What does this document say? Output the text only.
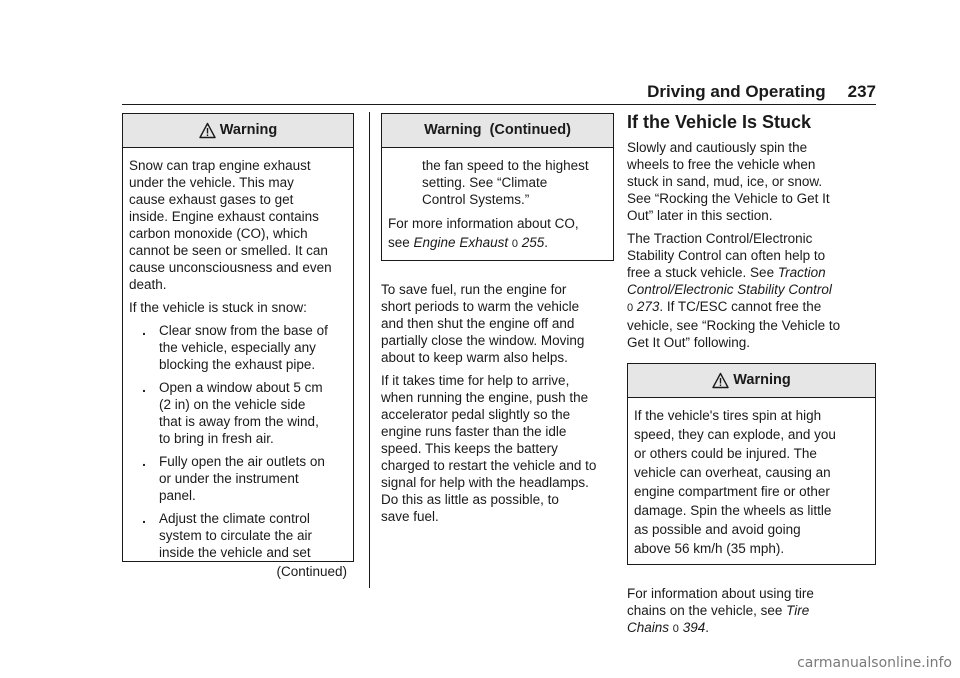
Driving and Operating 237
Warning

Snow can trap engine exhaust
under the vehicle. This may
cause exhaust gases to get
inside. Engine exhaust contains
carbon monoxide (CO), which
cannot be seen or smelled. It can
cause unconsciousness and even
death.

If the vehicle is stuck in snow:

. Clear snow from the base of
the vehicle, especially any
blocking the exhaust pipe.
. Open a window about 5 cm
(2 in) on the vehicle side
that is away from the wind,
to bring in fresh air.
. Fully open the air outlets on
or under the instrument
panel.
. Adjust the climate control
system to circulate the air
inside the vehicle and set
(Continued)
Warning  (Continued)

the fan speed to the highest
setting. See “Climate
Control Systems.”

For more information about CO,
see Engine Exhaust 0 255.

To save fuel, run the engine for
short periods to warm the vehicle
and then shut the engine off and
partially close the window. Moving
about to keep warm also helps.

If it takes time for help to arrive,
when running the engine, push the
accelerator pedal slightly so the
engine runs faster than the idle
speed. This keeps the battery
charged to restart the vehicle and to
signal for help with the headlamps.
Do this as little as possible, to
save fuel.

If the Vehicle Is Stuck

Slowly and cautiously spin the
wheels to free the vehicle when
stuck in sand, mud, ice, or snow.
See “Rocking the Vehicle to Get It
Out” later in this section.

The Traction Control/Electronic
Stability Control can often help to
free a stuck vehicle. See Traction
Control/Electronic Stability Control
0 273. If TC/ESC cannot free the
vehicle, see “Rocking the Vehicle to
Get It Out” following.

Warning
If the vehicle's tires spin at high
speed, they can explode, and you
or others could be injured. The
vehicle can overheat, causing an
engine compartment fire or other
damage. Spin the wheels as little
as possible and avoid going
above 56 km/h (35 mph).

For information about using tire
chains on the vehicle, see Tire
Chains 0 394.

carmanualsonline.info
